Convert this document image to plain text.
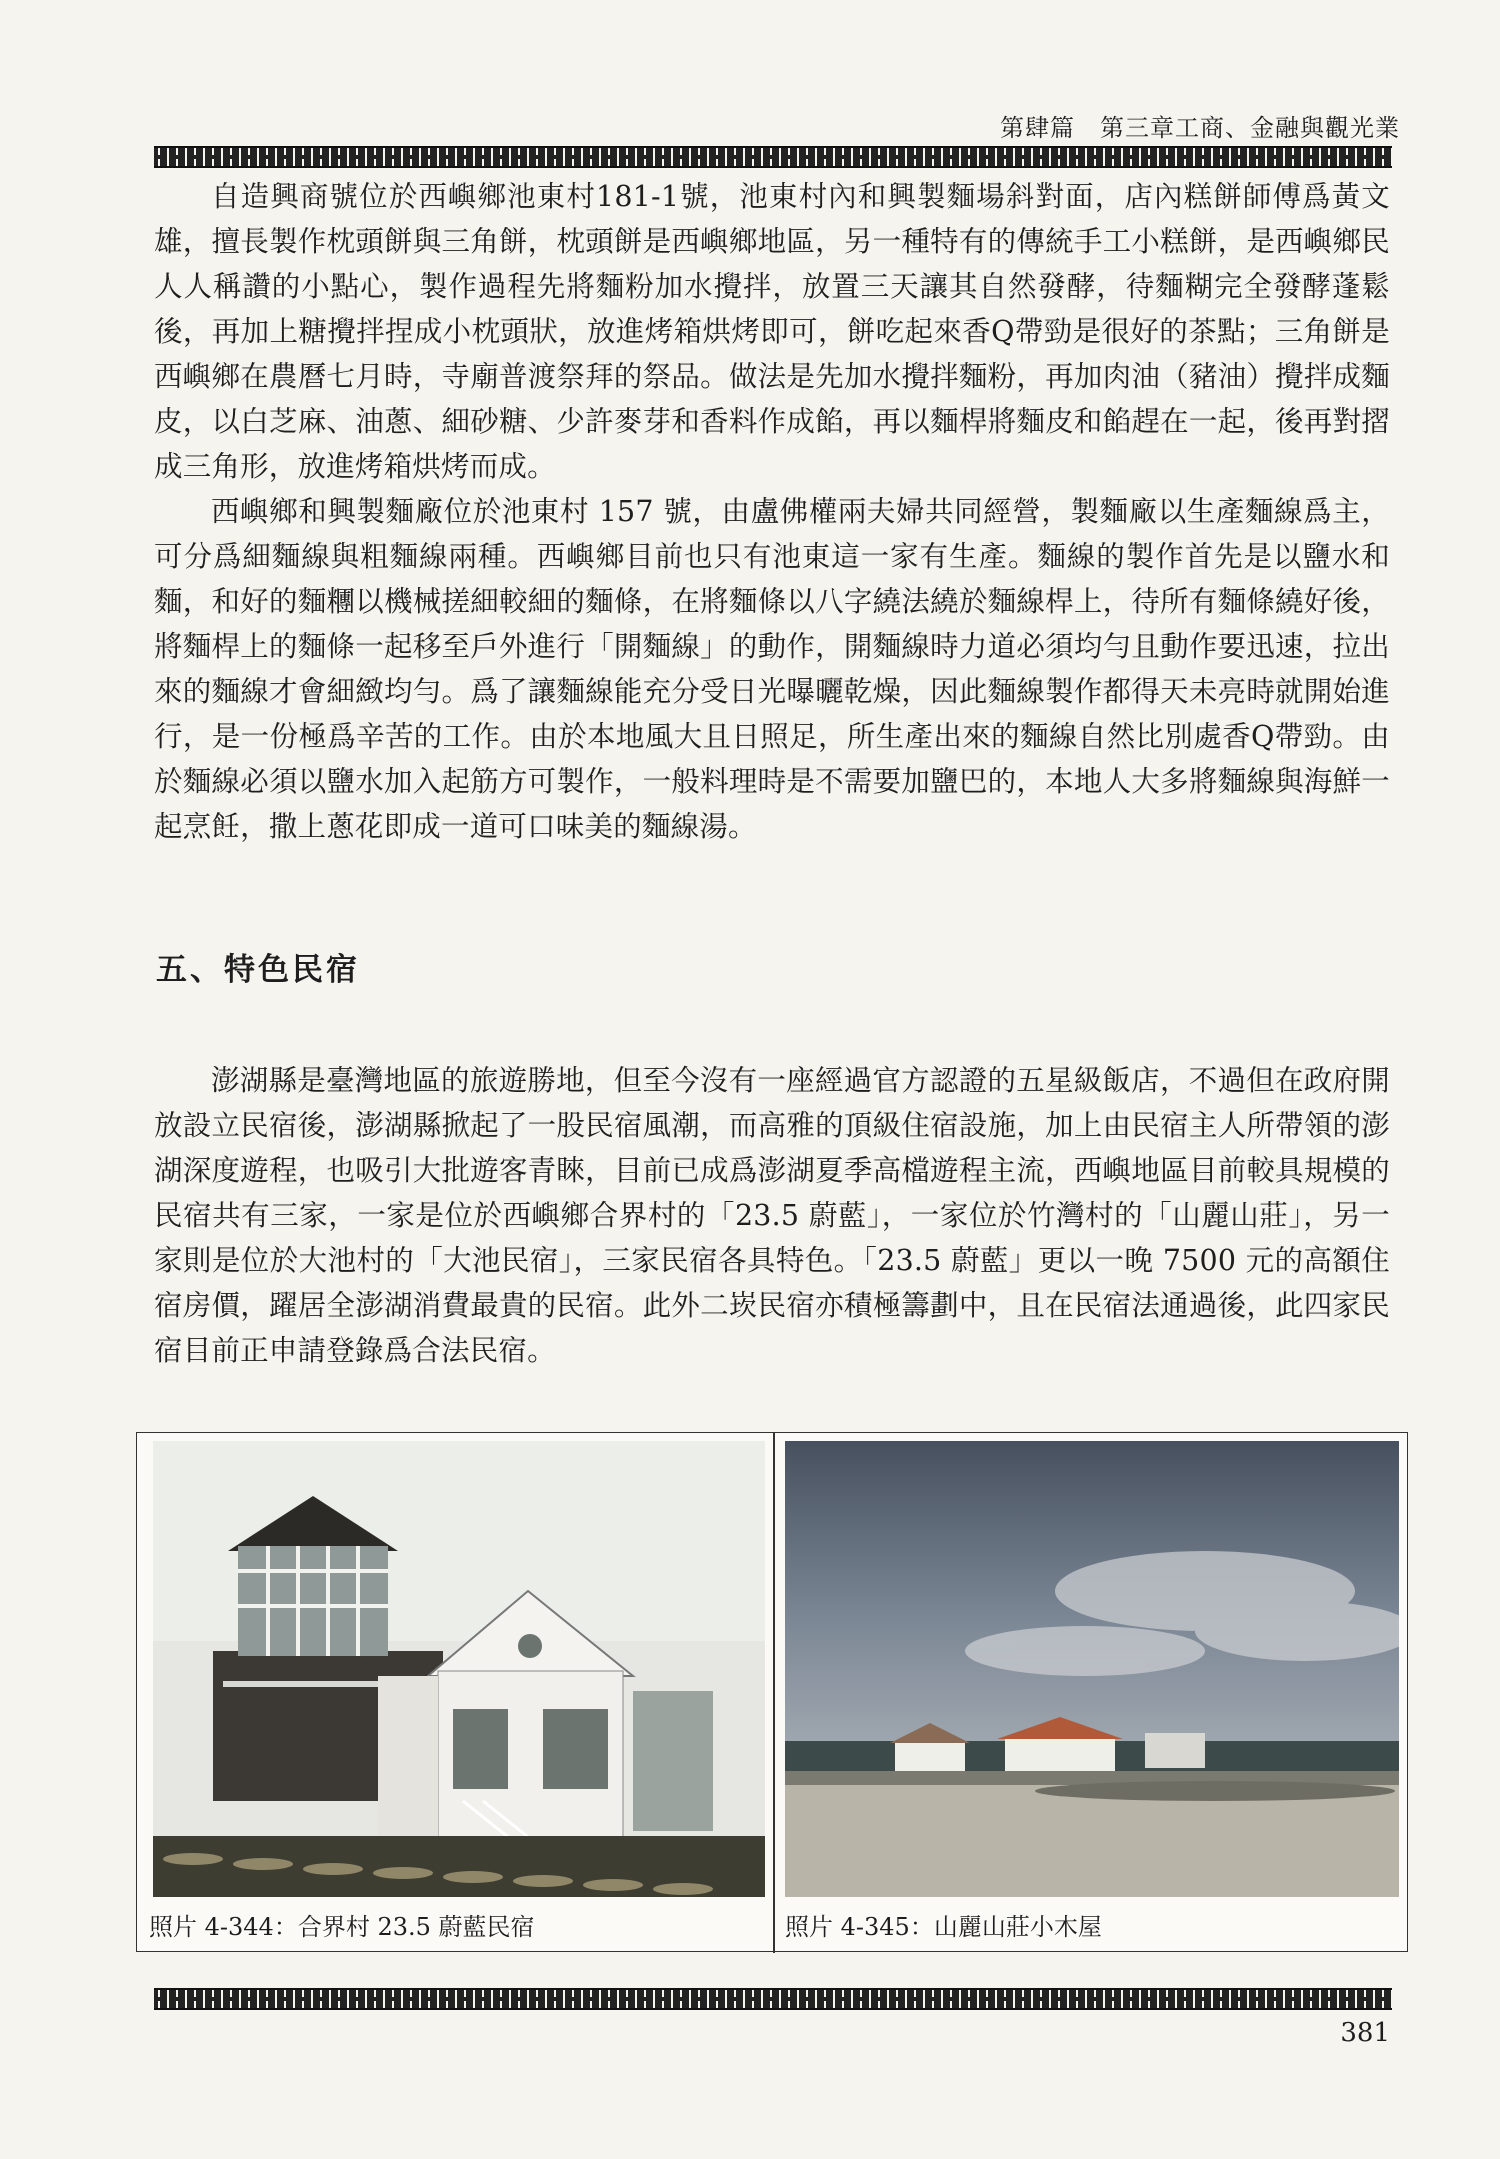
第肆篇　第三章工商、金融與觀光業

自造興商號位於西嶼鄉池東村181-1號，池東村內和興製麵場斜對面，店內糕餅師傅爲黃文雄，擅長製作枕頭餅與三角餅，枕頭餅是西嶼鄉地區，另一種特有的傳統手工小糕餅，是西嶼鄉民人人稱讚的小點心，製作過程先將麵粉加水攪拌，放置三天讓其自然發酵，待麵糊完全發酵蓬鬆後，再加上糖攪拌捏成小枕頭狀，放進烤箱烘烤即可，餅吃起來香Q帶勁是很好的茶點；三角餅是西嶼鄉在農曆七月時，寺廟普渡祭拜的祭品。做法是先加水攪拌麵粉，再加肉油（豬油）攪拌成麵皮，以白芝麻、油蔥、細砂糖、少許麥芽和香料作成餡，再以麵桿將麵皮和餡趕在一起，後再對摺成三角形，放進烤箱烘烤而成。

西嶼鄉和興製麵廠位於池東村 157 號，由盧佛權兩夫婦共同經營，製麵廠以生產麵線爲主，可分爲細麵線與粗麵線兩種。西嶼鄉目前也只有池東這一家有生產。麵線的製作首先是以鹽水和麵，和好的麵糰以機械搓細較細的麵條，在將麵條以八字繞法繞於麵線桿上，待所有麵條繞好後，將麵桿上的麵條一起移至戶外進行「開麵線」的動作，開麵線時力道必須均勻且動作要迅速，拉出來的麵線才會細緻均勻。爲了讓麵線能充分受日光曝曬乾燥，因此麵線製作都得天未亮時就開始進行，是一份極爲辛苦的工作。由於本地風大且日照足，所生產出來的麵線自然比別處香Q帶勁。由於麵線必須以鹽水加入起筋方可製作，一般料理時是不需要加鹽巴的，本地人大多將麵線與海鮮一起烹飪，撒上蔥花即成一道可口味美的麵線湯。

五、特色民宿

澎湖縣是臺灣地區的旅遊勝地，但至今沒有一座經過官方認證的五星級飯店，不過但在政府開放設立民宿後，澎湖縣掀起了一股民宿風潮，而高雅的頂級住宿設施，加上由民宿主人所帶領的澎湖深度遊程，也吸引大批遊客青睞，目前已成爲澎湖夏季高檔遊程主流，西嶼地區目前較具規模的民宿共有三家，一家是位於西嶼鄉合界村的「23.5 蔚藍」，一家位於竹灣村的「山麗山莊」，另一家則是位於大池村的「大池民宿」，三家民宿各具特色。「23.5 蔚藍」更以一晚 7500 元的高額住宿房價，躍居全澎湖消費最貴的民宿。此外二崁民宿亦積極籌劃中，且在民宿法通過後，此四家民宿目前正申請登錄爲合法民宿。

照片 4-344：合界村 23.5 蔚藍民宿	照片 4-345：山麗山莊小木屋
381
